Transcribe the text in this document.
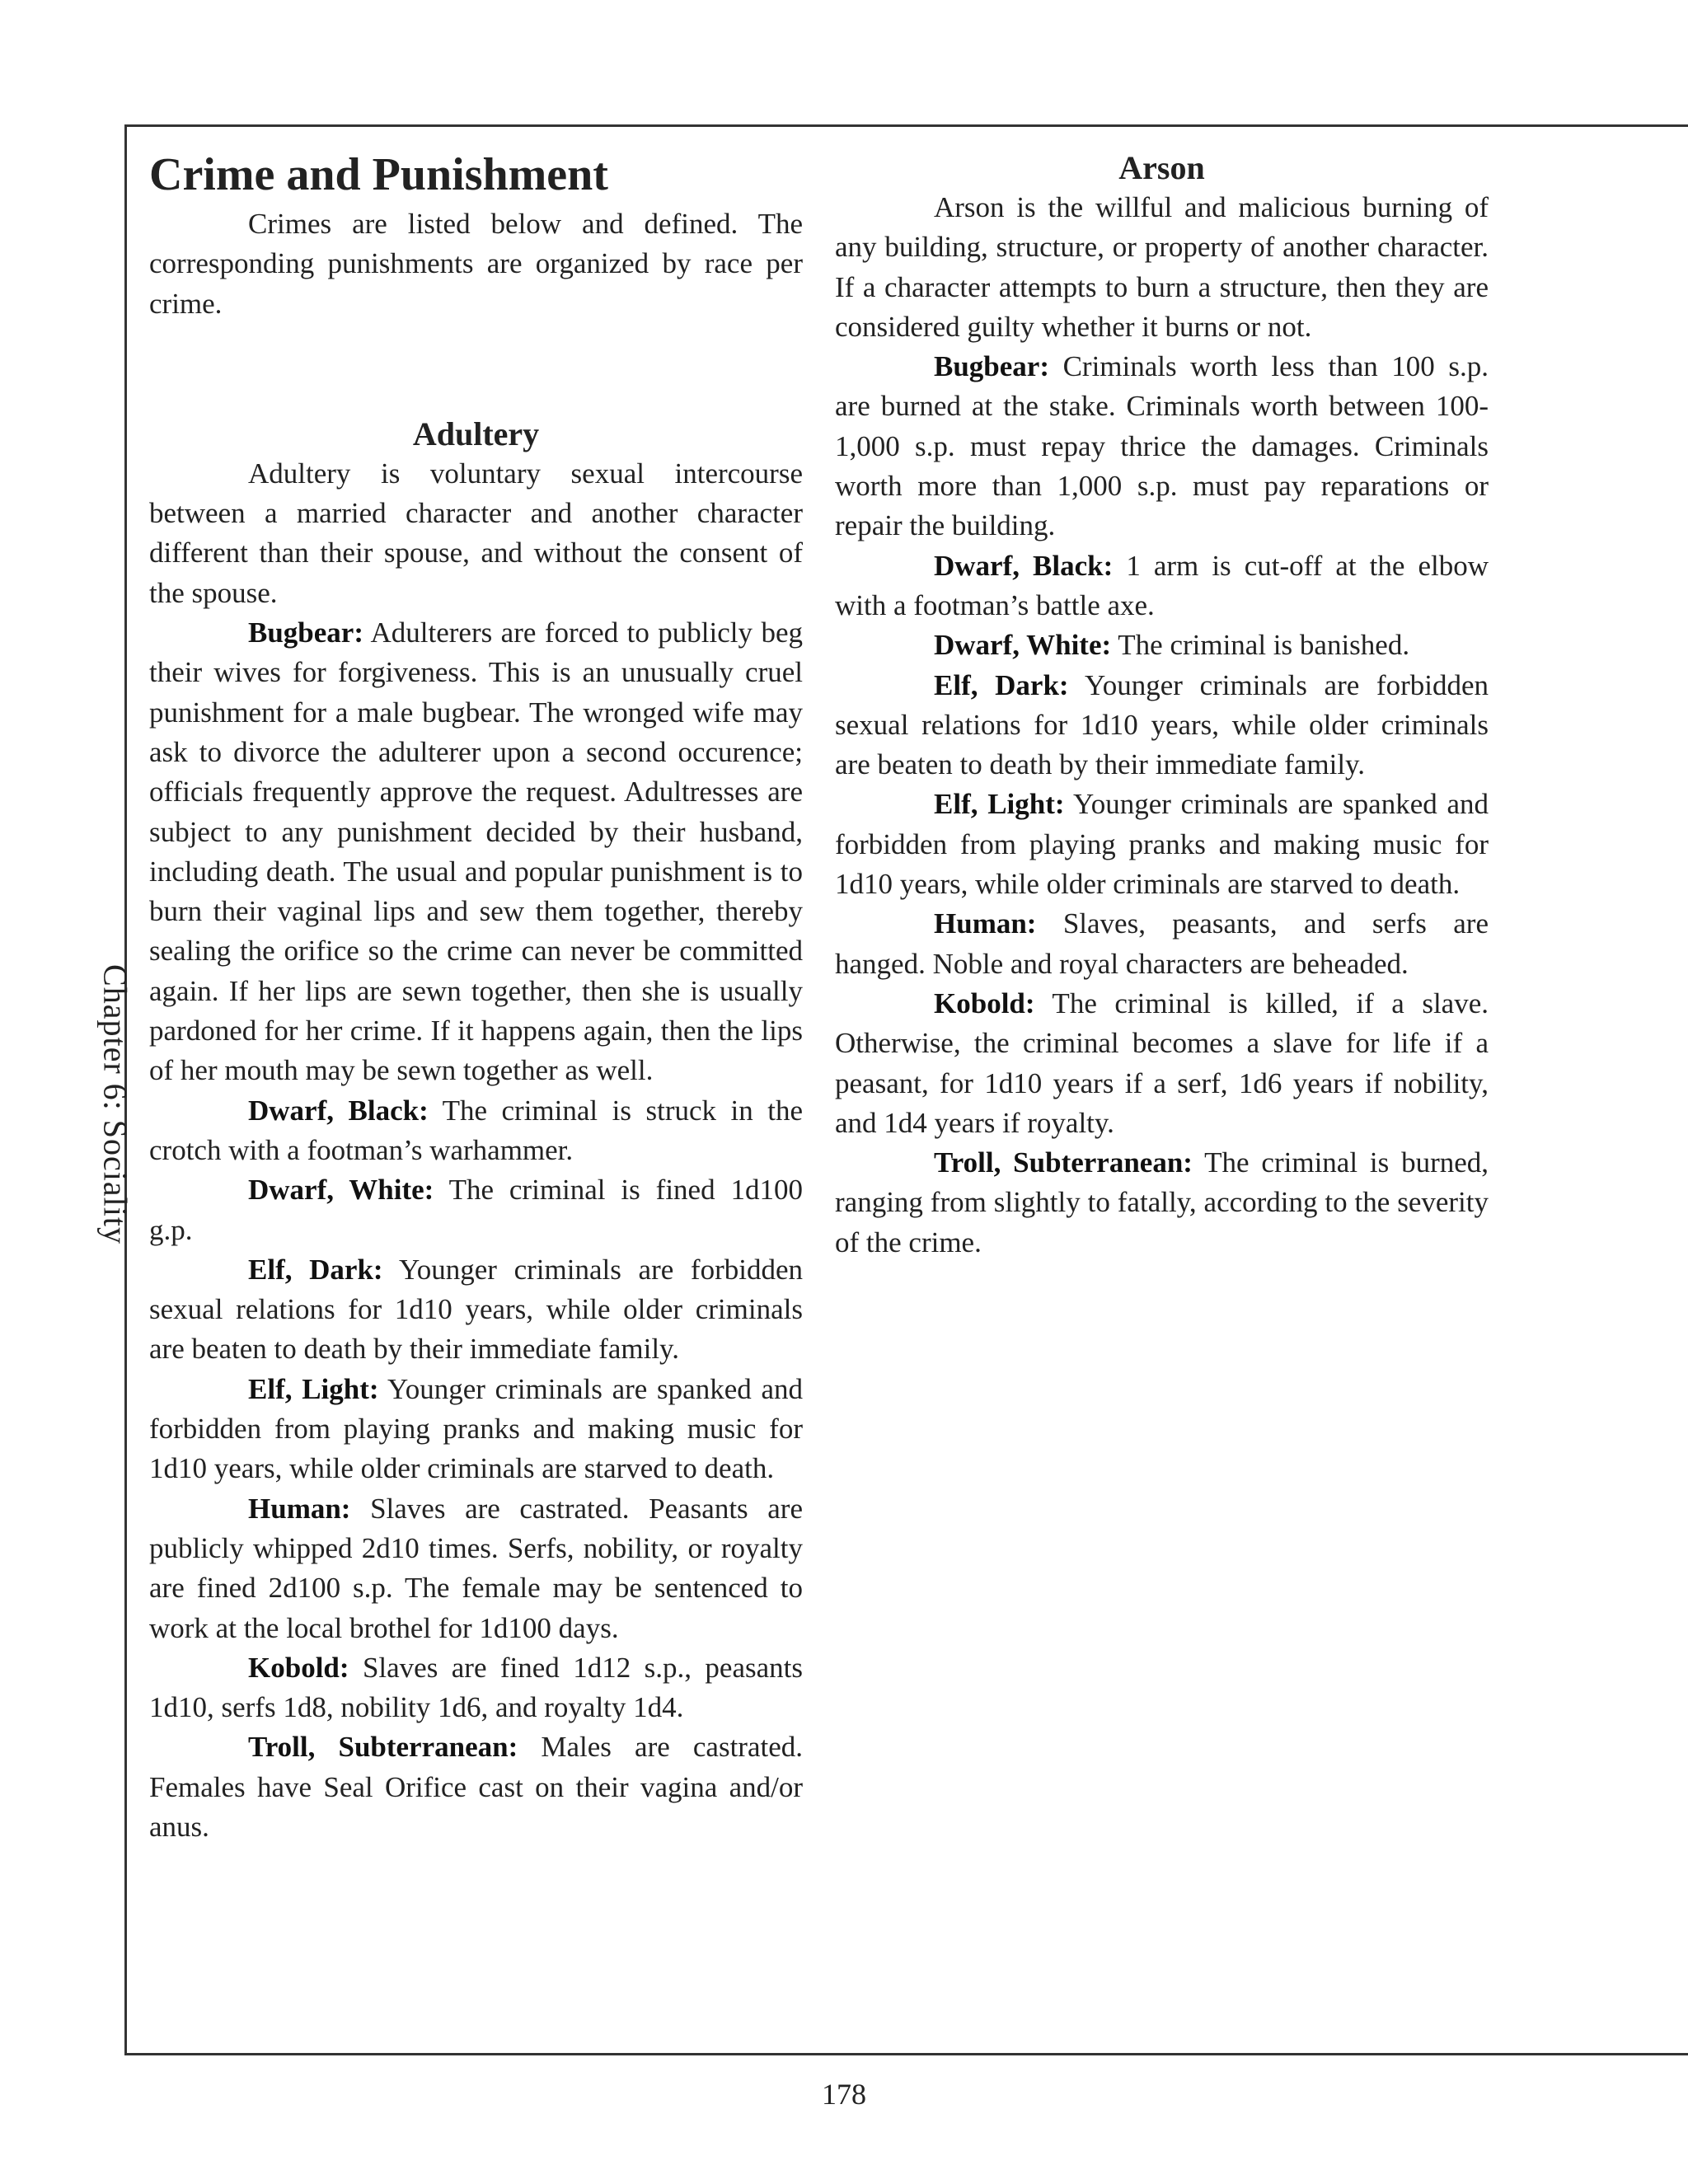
Chapter 6: Sociality
Crime and Punishment

Crimes are listed below and defined. The corresponding punishments are organized by race per crime.

Adultery

Adultery is voluntary sexual intercourse between a married character and another character different than their spouse, and without the consent of the spouse.

Bugbear: Adulterers are forced to publicly beg their wives for forgiveness. This is an unusually cruel punishment for a male bugbear. The wronged wife may ask to divorce the adulterer upon a second occurence; officials frequently approve the request. Adultresses are subject to any punishment decided by their husband, including death. The usual and popular punishment is to burn their vaginal lips and sew them together, thereby sealing the orifice so the crime can never be committed again. If her lips are sewn together, then she is usually pardoned for her crime. If it happens again, then the lips of her mouth may be sewn together as well.

Dwarf, Black: The criminal is struck in the crotch with a footman’s warhammer.

Dwarf, White: The criminal is fined 1d100 g.p.

Elf, Dark: Younger criminals are forbidden sexual relations for 1d10 years, while older criminals are beaten to death by their immediate family.

Elf, Light: Younger criminals are spanked and forbidden from playing pranks and making music for 1d10 years, while older criminals are starved to death.

Human: Slaves are castrated. Peasants are publicly whipped 2d10 times. Serfs, nobility, or royalty are fined 2d100 s.p. The female may be sentenced to work at the local brothel for 1d100 days.

Kobold: Slaves are fined 1d12 s.p., peasants 1d10, serfs 1d8, nobility 1d6, and royalty 1d4.

Troll, Subterranean: Males are castrated. Females have Seal Orifice cast on their vagina and/or anus.

Arson

Arson is the willful and malicious burning of any building, structure, or property of another character. If a character attempts to burn a structure, then they are considered guilty whether it burns or not.

Bugbear: Criminals worth less than 100 s.p. are burned at the stake. Criminals worth between 100-1,000 s.p. must repay thrice the damages. Criminals worth more than 1,000 s.p. must pay reparations or repair the building.

Dwarf, Black: 1 arm is cut-off at the elbow with a footman’s battle axe.

Dwarf, White: The criminal is banished.

Elf, Dark: Younger criminals are forbidden sexual relations for 1d10 years, while older criminals are beaten to death by their immediate family.

Elf, Light: Younger criminals are spanked and forbidden from playing pranks and making music for 1d10 years, while older criminals are starved to death.

Human: Slaves, peasants, and serfs are hanged. Noble and royal characters are beheaded.

Kobold: The criminal is killed, if a slave. Otherwise, the criminal becomes a slave for life if a peasant, for 1d10 years if a serf, 1d6 years if nobility, and 1d4 years if royalty.

Troll, Subterranean: The criminal is burned, ranging from slightly to fatally, according to the severity of the crime.

178
